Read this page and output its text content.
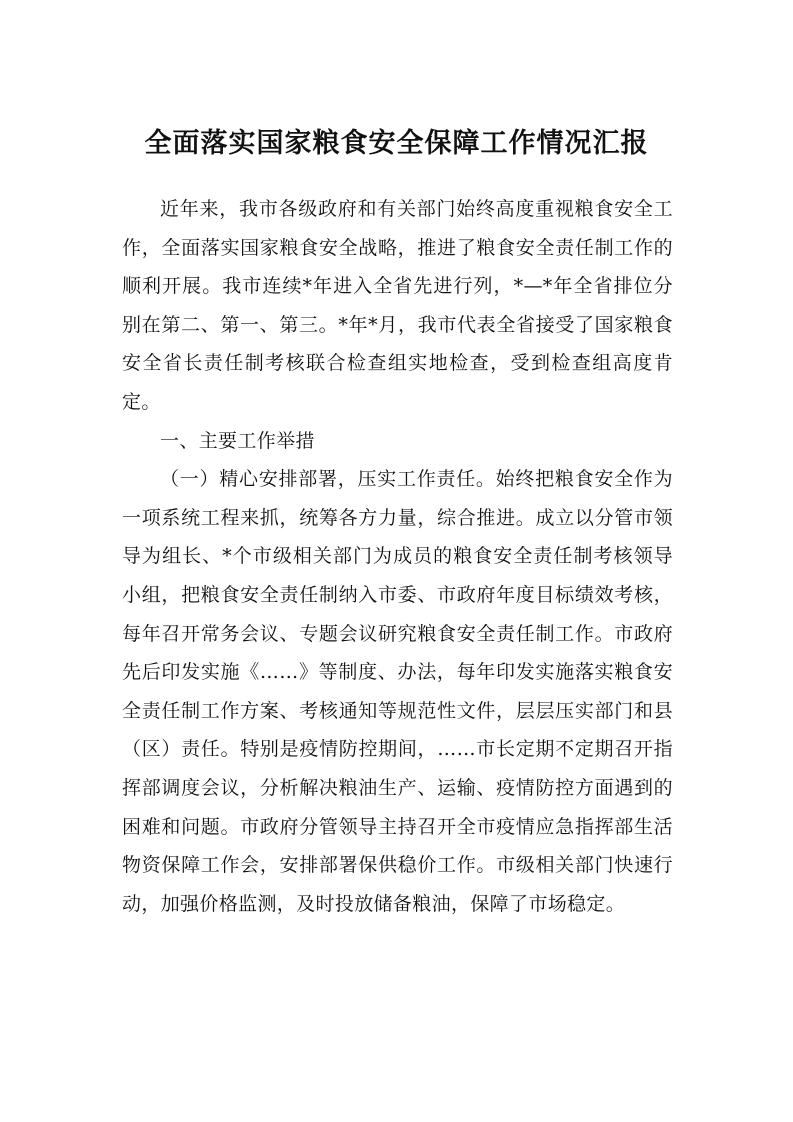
全面落实国家粮食安全保障工作情况汇报

近年来，我市各级政府和有关部门始终高度重视粮食安全工作，全面落实国家粮食安全战略，推进了粮食安全责任制工作的顺利开展。我市连续*年进入全省先进行列，*—*年全省排位分别在第二、第一、第三。*年*月，我市代表全省接受了国家粮食安全省长责任制考核联合检查组实地检查，受到检查组高度肯定。

一、主要工作举措

（一）精心安排部署，压实工作责任。始终把粮食安全作为一项系统工程来抓，统筹各方力量，综合推进。成立以分管市领导为组长、*个市级相关部门为成员的粮食安全责任制考核领导小组，把粮食安全责任制纳入市委、市政府年度目标绩效考核，每年召开常务会议、专题会议研究粮食安全责任制工作。市政府先后印发实施《……》等制度、办法，每年印发实施落实粮食安全责任制工作方案、考核通知等规范性文件，层层压实部门和县（区）责任。特别是疫情防控期间，……市长定期不定期召开指挥部调度会议，分析解决粮油生产、运输、疫情防控方面遇到的困难和问题。市政府分管领导主持召开全市疫情应急指挥部生活物资保障工作会，安排部署保供稳价工作。市级相关部门快速行动，加强价格监测，及时投放储备粮油，保障了市场稳定。
